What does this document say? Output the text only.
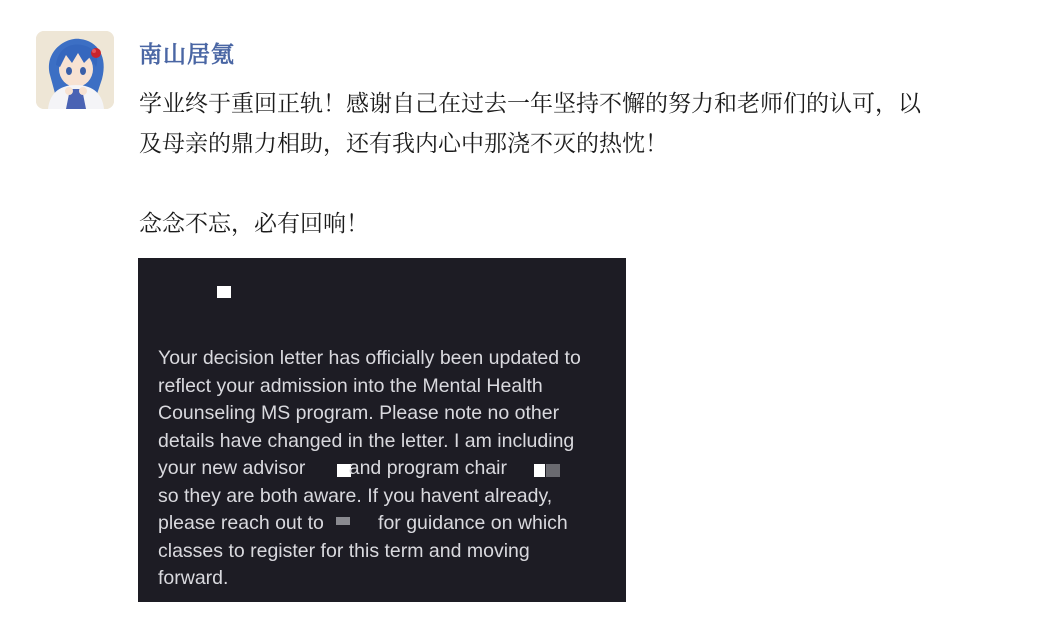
南山居氪

学业终于重回正轨！感谢自己在过去一年坚持不懈的努力和老师们的认可，以

及母亲的鼎力相助，还有我内心中那浇不灭的热忱！

念念不忘，必有回响！

Your decision letter has officially been updated to
reflect your admission into the Mental Health
Counseling MS program. Please note no other
details have changed in the letter. I am including
your new advisor        and program chair
so they are both aware. If you havent already,
please reach out to          for guidance on which
classes to register for this term and moving
forward.
